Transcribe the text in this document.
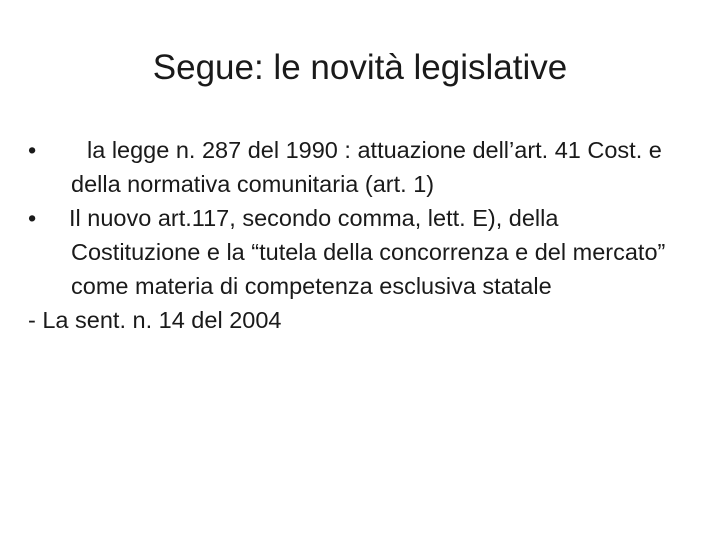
Segue: le novità legislative
•	la legge n. 287 del 1990 : attuazione dell’art. 41 Cost. e della normativa comunitaria (art. 1)
•	Il nuovo art.117, secondo comma, lett. E), della Costituzione e la “tutela della concorrenza e del mercato” come materia di competenza esclusiva statale
- La sent. n. 14 del 2004
